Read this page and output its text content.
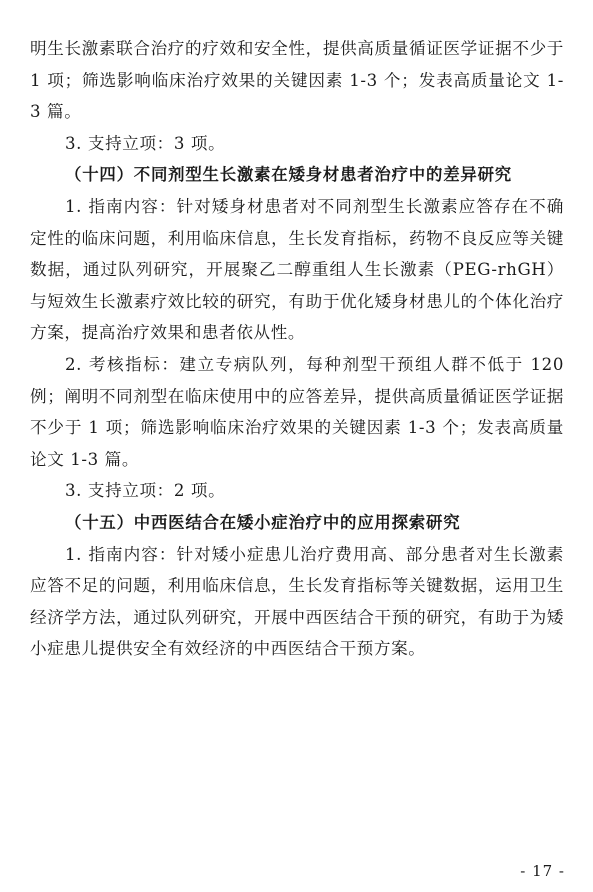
明生长激素联合治疗的疗效和安全性，提供高质量循证医学证据不少于 1 项；筛选影响临床治疗效果的关键因素 1-3 个；发表高质量论文 1-3 篇。

3. 支持立项：3 项。

（十四）不同剂型生长激素在矮身材患者治疗中的差异研究

1. 指南内容：针对矮身材患者对不同剂型生长激素应答存在不确定性的临床问题，利用临床信息，生长发育指标，药物不良反应等关键数据，通过队列研究，开展聚乙二醇重组人生长激素（PEG-rhGH）与短效生长激素疗效比较的研究，有助于优化矮身材患儿的个体化治疗方案，提高治疗效果和患者依从性。

2. 考核指标：建立专病队列，每种剂型干预组人群不低于 120 例；阐明不同剂型在临床使用中的应答差异，提供高质量循证医学证据不少于 1 项；筛选影响临床治疗效果的关键因素 1-3 个；发表高质量论文 1-3 篇。

3. 支持立项：2 项。

（十五）中西医结合在矮小症治疗中的应用探索研究

1. 指南内容：针对矮小症患儿治疗费用高、部分患者对生长激素应答不足的问题，利用临床信息，生长发育指标等关键数据，运用卫生经济学方法，通过队列研究，开展中西医结合干预的研究，有助于为矮小症患儿提供安全有效经济的中西医结合干预方案。

- 17 -
